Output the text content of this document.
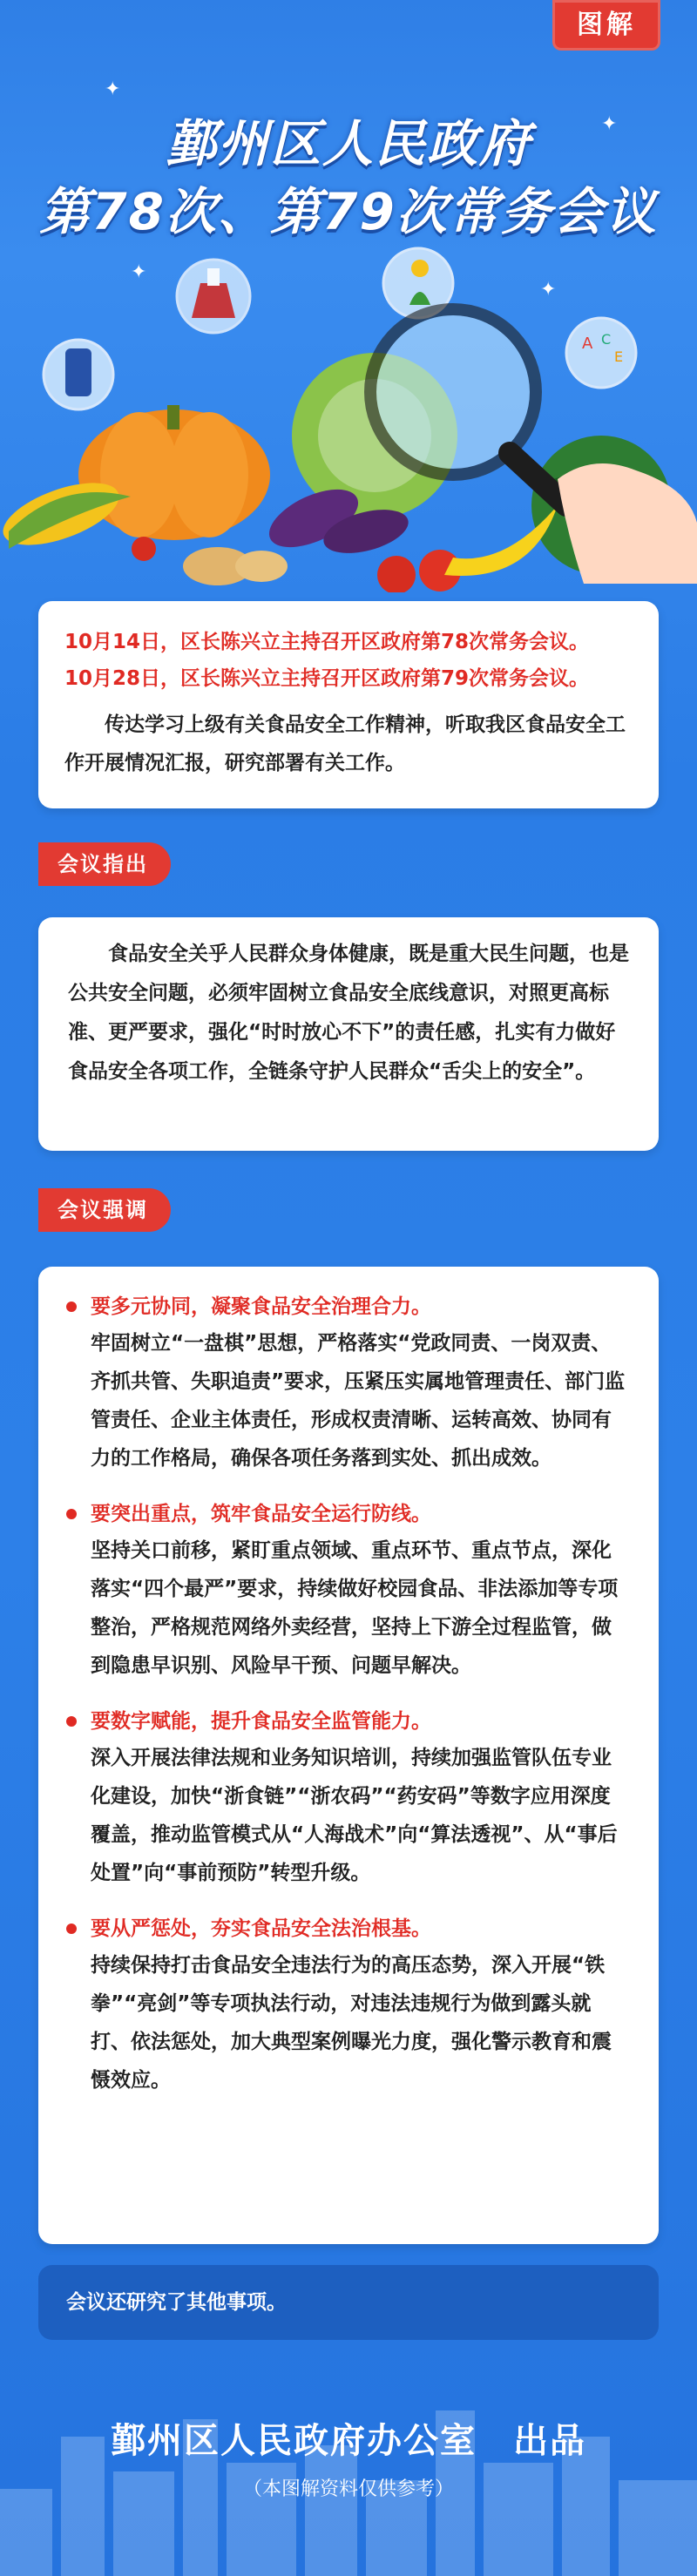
图解
✦
✦
✦
✦
鄞州区人民政府
第78次、第79次常务会议
A C
E
10月14日，区长陈兴立主持召开区政府第78次常务会议。
10月28日，区长陈兴立主持召开区政府第79次常务会议。
传达学习上级有关食品安全工作精神，听取我区食品安全工作开展情况汇报，研究部署有关工作。
会议指出
食品安全关乎人民群众身体健康，既是重大民生问题，也是公共安全问题，必须牢固树立食品安全底线意识，对照更高标准、更严要求，强化“时时放心不下”的责任感，扎实有力做好食品安全各项工作，全链条守护人民群众“舌尖上的安全”。
会议强调
要多元协同，凝聚食品安全治理合力。
牢固树立“一盘棋”思想，严格落实“党政同责、一岗双责、齐抓共管、失职追责”要求，压紧压实属地管理责任、部门监管责任、企业主体责任，形成权责清晰、运转高效、协同有力的工作格局，确保各项任务落到实处、抓出成效。
要突出重点，筑牢食品安全运行防线。
坚持关口前移，紧盯重点领域、重点环节、重点节点，深化落实“四个最严”要求，持续做好校园食品、非法添加等专项整治，严格规范网络外卖经营，坚持上下游全过程监管，做到隐患早识别、风险早干预、问题早解决。
要数字赋能，提升食品安全监管能力。
深入开展法律法规和业务知识培训，持续加强监管队伍专业化建设，加快“浙食链”“浙农码”“药安码”等数字应用深度覆盖，推动监管模式从“人海战术”向“算法透视”、从“事后处置”向“事前预防”转型升级。
要从严惩处，夯实食品安全法治根基。
持续保持打击食品安全违法行为的高压态势，深入开展“铁拳”“亮剑”等专项执法行动，对违法违规行为做到露头就打、依法惩处，加大典型案例曝光力度，强化警示教育和震慑效应。
会议还研究了其他事项。
鄞州区人民政府办公室　出品
（本图解资料仅供参考）
